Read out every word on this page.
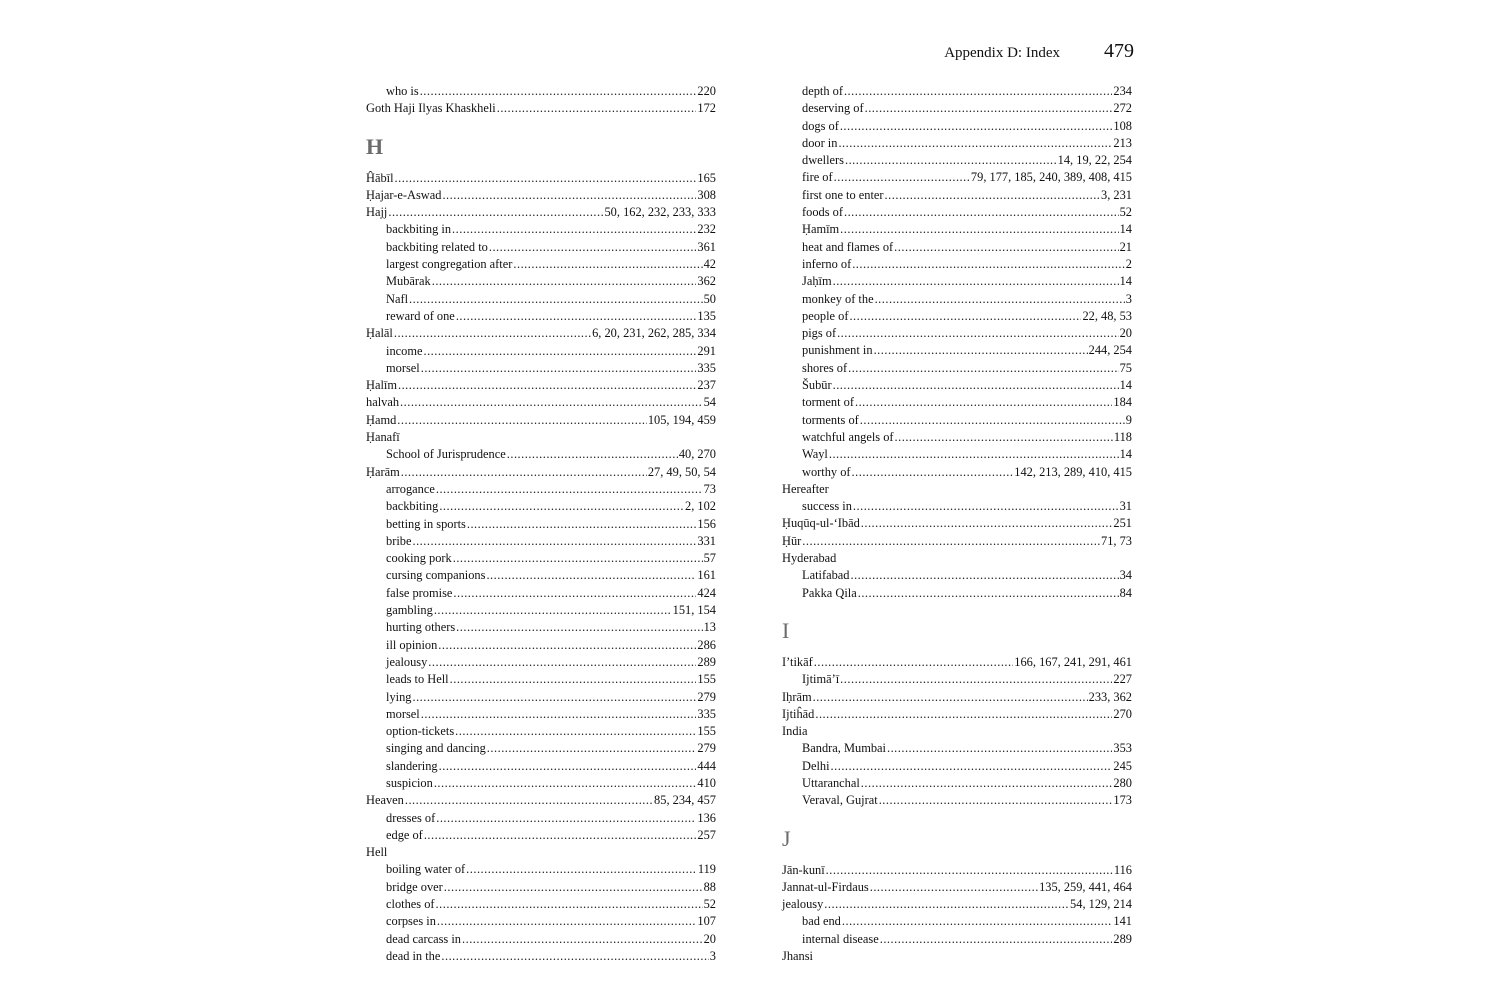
Appendix D: Index 479
who is .....	220
Goth Haji Ilyas Khaskheli .....	172
H
Ĥābīl .....	165
Ḥajar-e-Aswad .....	308
Hajj .....	50, 162, 232, 233, 333
backbiting in .....	232
backbiting related to .....	361
largest congregation after .....	42
Mubārak .....	362
Nafl .....	50
reward of one .....	135
Ḥalāl .....	6, 20, 231, 262, 285, 334
income .....	291
morsel .....	335
Ḥalīm .....	237
halvah .....	54
Ḥamd .....	105, 194, 459
Ḥanafī
School of Jurisprudence .....	40, 270
Ḥarām .....	27, 49, 50, 54
arrogance .....	73
backbiting .....	2, 102
betting in sports .....	156
bribe .....	331
cooking pork .....	57
cursing companions .....	161
false promise .....	424
gambling .....	151, 154
hurting others .....	13
ill opinion .....	286
jealousy .....	289
leads to Hell .....	155
lying .....	279
morsel .....	335
option-tickets .....	155
singing and dancing .....	279
slandering .....	444
suspicion .....	410
Heaven .....	85, 234, 457
dresses of .....	136
edge of .....	257
Hell
boiling water of .....	119
bridge over .....	88
clothes of .....	52
corpses in .....	107
dead carcass in .....	20
dead in the .....	3
depth of .....	234
deserving of .....	272
dogs of .....	108
door in .....	213
dwellers .....	14, 19, 22, 254
fire of .....	79, 177, 185, 240, 389, 408, 415
first one to enter .....	3, 231
foods of .....	52
Ḥamīm .....	14
heat and flames of .....	21
inferno of .....	2
Jaḥīm .....	14
monkey of the .....	3
people of .....	22, 48, 53
pigs of .....	20
punishment in .....	244, 254
shores of .....	75
Šubūr .....	14
torment of .....	184
torments of .....	9
watchful angels of .....	118
Wayl .....	14
worthy of .....	142, 213, 289, 410, 415
Hereafter
success in .....	31
Ḥuqūq-ul-‘Ibād .....	251
Ḥūr .....	71, 73
Hyderabad
Latifabad .....	34
Pakka Qila .....	84
I
I’tikāf .....	166, 167, 241, 291, 461
Ijtimā’ī .....	227
Iḥrām .....	233, 362
Ijtiĥād .....	270
India
Bandra, Mumbai .....	353
Delhi .....	245
Uttaranchal .....	280
Veraval, Gujrat .....	173
J
Jān-kunī .....	116
Jannat-ul-Firdaus .....	135, 259, 441, 464
jealousy .....	54, 129, 214
bad end .....	141
internal disease .....	289
Jhansi
